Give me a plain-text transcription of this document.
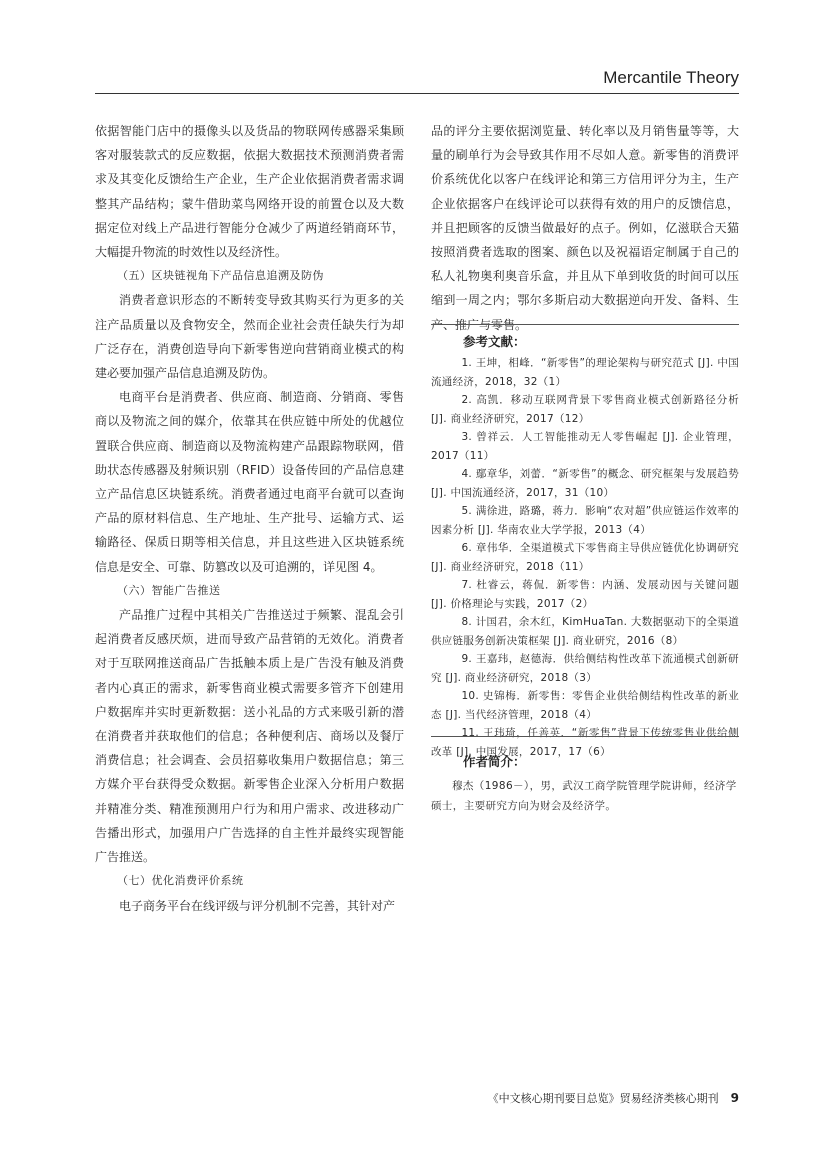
Mercantile Theory

依据智能门店中的摄像头以及货品的物联网传感器采集顾客对服装款式的反应数据，依据大数据技术预测消费者需求及其变化反馈给生产企业，生产企业依据消费者需求调整其产品结构；蒙牛借助菜鸟网络开设的前置仓以及大数据定位对线上产品进行智能分仓减少了两道经销商环节，大幅提升物流的时效性以及经济性。

（五）区块链视角下产品信息追溯及防伪

消费者意识形态的不断转变导致其购买行为更多的关注产品质量以及食物安全，然而企业社会责任缺失行为却广泛存在，消费创造导向下新零售逆向营销商业模式的构建必要加强产品信息追溯及防伪。

电商平台是消费者、供应商、制造商、分销商、零售商以及物流之间的媒介，依靠其在供应链中所处的优越位置联合供应商、制造商以及物流构建产品跟踪物联网，借助状态传感器及射频识别（RFID）设备传回的产品信息建立产品信息区块链系统。消费者通过电商平台就可以查询产品的原材料信息、生产地址、生产批号、运输方式、运输路径、保质日期等相关信息，并且这些进入区块链系统信息是安全、可靠、防篡改以及可追溯的，详见图 4。

（六）智能广告推送

产品推广过程中其相关广告推送过于频繁、混乱会引起消费者反感厌烦，进而导致产品营销的无效化。消费者对于互联网推送商品广告抵触本质上是广告没有触及消费者内心真正的需求，新零售商业模式需要多管齐下创建用户数据库并实时更新数据：送小礼品的方式来吸引新的潜在消费者并获取他们的信息；各种便利店、商场以及餐厅消费信息；社会调查、会员招募收集用户数据信息；第三方媒介平台获得受众数据。新零售企业深入分析用户数据并精准分类、精准预测用户行为和用户需求、改进移动广告播出形式，加强用户广告选择的自主性并最终实现智能广告推送。

（七）优化消费评价系统

电子商务平台在线评级与评分机制不完善，其针对产

品的评分主要依据浏览量、转化率以及月销售量等等，大量的刷单行为会导致其作用不尽如人意。新零售的消费评价系统优化以客户在线评论和第三方信用评分为主，生产企业依据客户在线评论可以获得有效的用户的反馈信息，并且把顾客的反馈当做最好的点子。例如，亿滋联合天猫按照消费者选取的图案、颜色以及祝福语定制属于自己的私人礼物奥利奥音乐盒，并且从下单到收货的时间可以压缩到一周之内；鄂尔多斯启动大数据逆向开发、备料、生产、推广与零售。

参考文献：

1. 王坤，相峰．“新零售”的理论架构与研究范式 [J]. 中国流通经济，2018，32（1）

2. 高凯．移动互联网背景下零售商业模式创新路径分析 [J]. 商业经济研究，2017（12）

3. 曾祥云．人工智能推动无人零售崛起 [J]. 企业管理，2017（11）

4. 鄢章华，刘蕾．“新零售”的概念、研究框架与发展趋势 [J]. 中国流通经济，2017，31（10）

5. 满徐进，路璐，蒋力．影响“农对超”供应链运作效率的因素分析 [J]. 华南农业大学学报，2013（4）

6. 章伟华．全渠道模式下零售商主导供应链优化协调研究 [J]. 商业经济研究，2018（11）

7. 杜睿云，蒋侃．新零售：内涵、发展动因与关键问题 [J]. 价格理论与实践，2017（2）

8. 计国君，余木红，KimHuaTan. 大数据驱动下的全渠道供应链服务创新决策框架 [J]. 商业研究，2016（8）

9. 王嘉玮，赵德海．供给侧结构性改革下流通模式创新研究 [J]. 商业经济研究，2018（3）

10. 史锦梅．新零售：零售企业供给侧结构性改革的新业态 [J]. 当代经济管理，2018（4）

11. 王玮琦，任善英．“新零售”背景下传统零售业供给侧改革 [J]. 中国发展，2017，17（6）

作者简介：

穆杰（1986－），男，武汉工商学院管理学院讲师，经济学硕士，主要研究方向为财会及经济学。

《中文核心期刊要目总览》贸易经济类核心期刊 9
